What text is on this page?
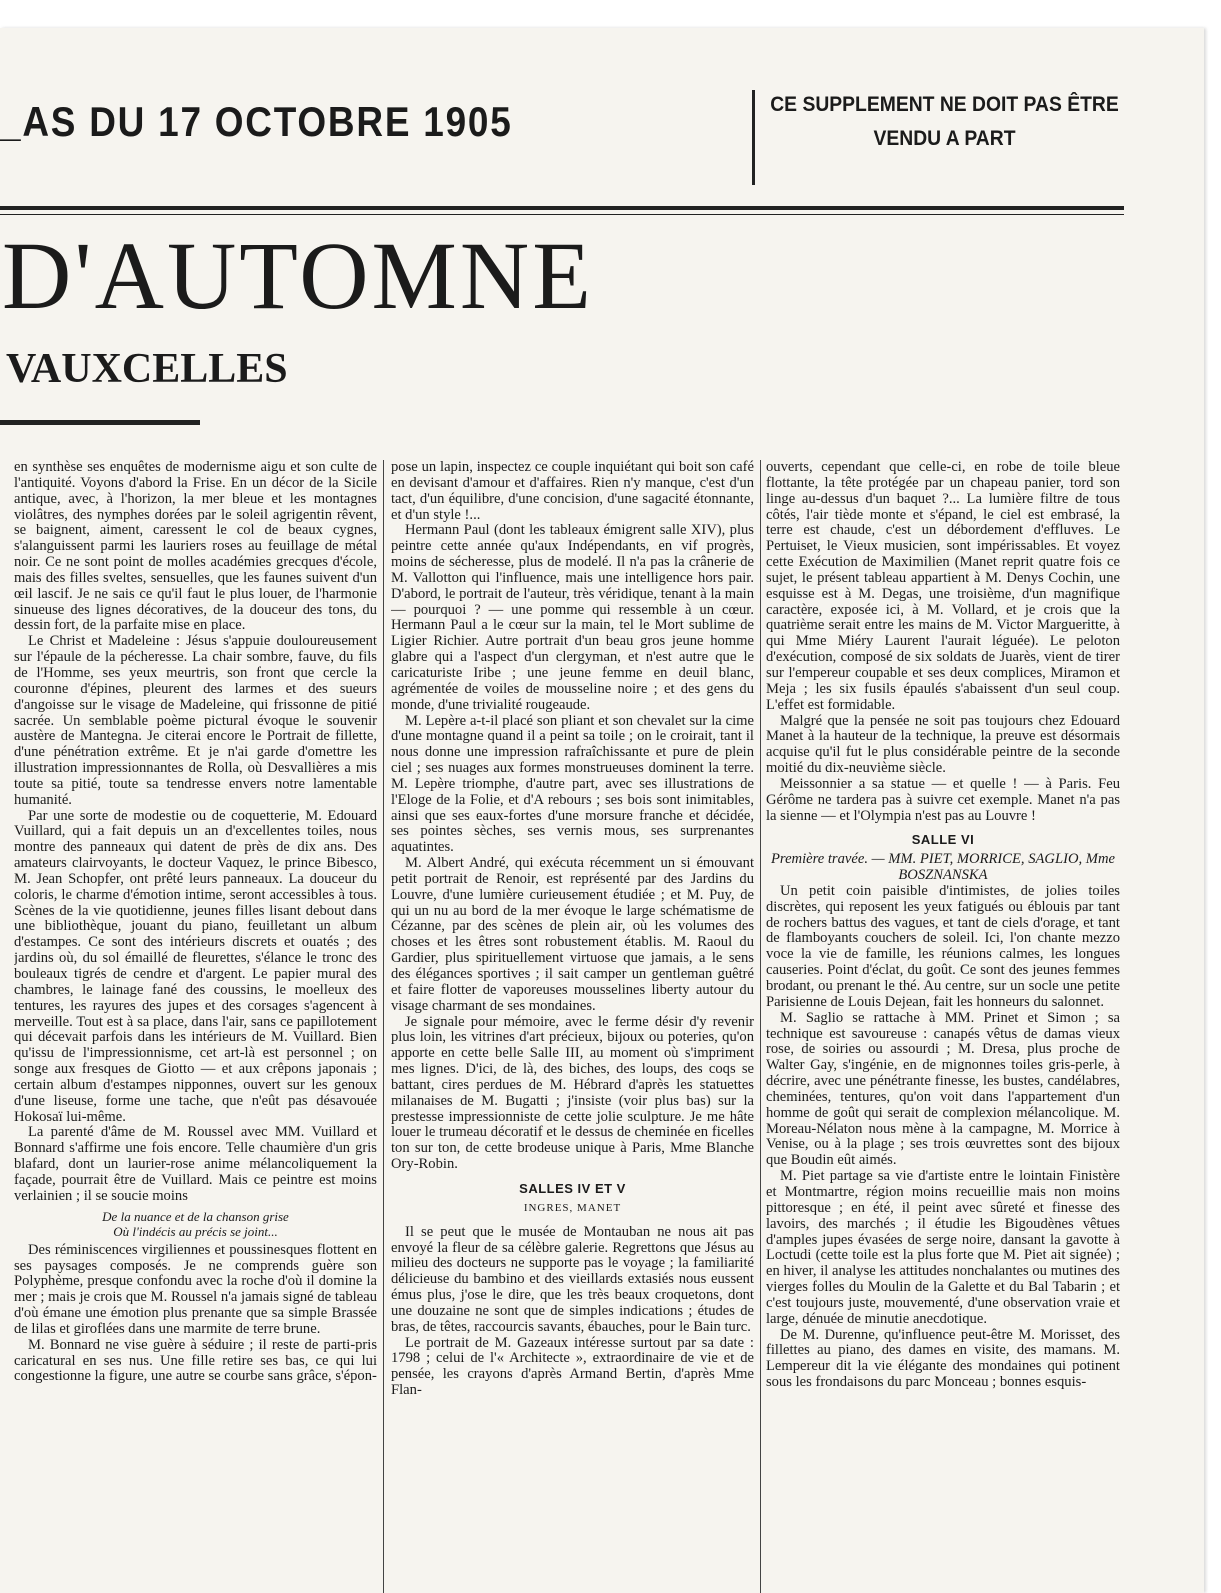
_AS DU 17 OCTOBRE 1905	CE SUPPLEMENT NE DOIT PAS ÊTRE
VENDU A PART
D'AUTOMNE
VAUXCELLES

en synthèse ses enquêtes de modernisme aigu et son culte de l'antiquité. Voyons d'abord la Frise. En un décor de la Sicile antique, avec, à l'horizon, la mer bleue et les montagnes violâtres, des nymphes dorées par le soleil agrigentin rêvent, se baignent, aiment, caressent le col de beaux cygnes, s'alanguissent parmi les lauriers roses au feuillage de métal noir. Ce ne sont point de molles académies grecques d'école, mais des filles sveltes, sensuelles, que les faunes suivent d'un œil lascif. Je ne sais ce qu'il faut le plus louer, de l'harmonie sinueuse des lignes décoratives, de la douceur des tons, du dessin fort, de la parfaite mise en place.

Le Christ et Madeleine : Jésus s'appuie douloureusement sur l'épaule de la pécheresse. La chair sombre, fauve, du fils de l'Homme, ses yeux meurtris, son front que cercle la couronne d'épines, pleurent des larmes et des sueurs d'angoisse sur le visage de Madeleine, qui frissonne de pitié sacrée. Un semblable poème pictural évoque le souvenir austère de Mantegna. Je citerai encore le Portrait de fillette, d'une pénétration extrême. Et je n'ai garde d'omettre les illustration impressionnantes de Rolla, où Desvallières a mis toute sa pitié, toute sa tendresse envers notre lamentable humanité.

Par une sorte de modestie ou de coquetterie, M. Edouard Vuillard, qui a fait depuis un an d'excellentes toiles, nous montre des panneaux qui datent de près de dix ans. Des amateurs clairvoyants, le docteur Vaquez, le prince Bibesco, M. Jean Schopfer, ont prêté leurs panneaux. La douceur du coloris, le charme d'émotion intime, seront accessibles à tous. Scènes de la vie quotidienne, jeunes filles lisant debout dans une bibliothèque, jouant du piano, feuilletant un album d'estampes. Ce sont des intérieurs discrets et ouatés ; des jardins où, du sol émaillé de fleurettes, s'élance le tronc des bouleaux tigrés de cendre et d'argent. Le papier mural des chambres, le lainage fané des coussins, le moelleux des tentures, les rayures des jupes et des corsages s'agencent à merveille. Tout est à sa place, dans l'air, sans ce papillotement qui décevait parfois dans les intérieurs de M. Vuillard. Bien qu'issu de l'impressionnisme, cet art-là est personnel ; on songe aux fresques de Giotto — et aux crêpons japonais ; certain album d'estampes nipponnes, ouvert sur les genoux d'une liseuse, forme une tache, que n'eût pas désavouée Hokosaï lui-même.

La parenté d'âme de M. Roussel avec MM. Vuillard et Bonnard s'affirme une fois encore. Telle chaumière d'un gris blafard, dont un laurier-rose anime mélancoliquement la façade, pourrait être de Vuillard. Mais ce peintre est moins verlainien ; il se soucie moins

De la nuance et de la chanson grise
Où l'indécis au précis se joint...

Des réminiscences virgiliennes et poussinesques flottent en ses paysages composés. Je ne comprends guère son Polyphème, presque confondu avec la roche d'où il domine la mer ; mais je crois que M. Roussel n'a jamais signé de tableau d'où émane une émotion plus prenante que sa simple Brassée de lilas et giroflées dans une marmite de terre brune.

M. Bonnard ne vise guère à séduire ; il reste de parti-pris caricatural en ses nus. Une fille retire ses bas, ce qui lui congestionne la figure, une autre se courbe sans grâce, s'épon-

pose un lapin, inspectez ce couple inquiétant qui boit son café en devisant d'amour et d'affaires. Rien n'y manque, c'est d'un tact, d'un équilibre, d'une concision, d'une sagacité étonnante, et d'un style !...

Hermann Paul (dont les tableaux émigrent salle XIV), plus peintre cette année qu'aux Indépendants, en vif progrès, moins de sécheresse, plus de modelé. Il n'a pas la crânerie de M. Vallotton qui l'influence, mais une intelligence hors pair. D'abord, le portrait de l'auteur, très véridique, tenant à la main — pourquoi ? — une pomme qui ressemble à un cœur. Hermann Paul a le cœur sur la main, tel le Mort sublime de Ligier Richier. Autre portrait d'un beau gros jeune homme glabre qui a l'aspect d'un clergyman, et n'est autre que le caricaturiste Iribe ; une jeune femme en deuil blanc, agrémentée de voiles de mousseline noire ; et des gens du monde, d'une trivialité rougeaude.

M. Lepère a-t-il placé son pliant et son chevalet sur la cime d'une montagne quand il a peint sa toile ; on le croirait, tant il nous donne une impression rafraîchissante et pure de plein ciel ; ses nuages aux formes monstrueuses dominent la terre. M. Lepère triomphe, d'autre part, avec ses illustrations de l'Eloge de la Folie, et d'A rebours ; ses bois sont inimitables, ainsi que ses eaux-fortes d'une morsure franche et décidée, ses pointes sèches, ses vernis mous, ses surprenantes aquatintes.

M. Albert André, qui exécuta récemment un si émouvant petit portrait de Renoir, est représenté par des Jardins du Louvre, d'une lumière curieusement étudiée ; et M. Puy, de qui un nu au bord de la mer évoque le large schématisme de Cézanne, par des scènes de plein air, où les volumes des choses et les êtres sont robustement établis. M. Raoul du Gardier, plus spirituellement virtuose que jamais, a le sens des élégances sportives ; il sait camper un gentleman guêtré et faire flotter de vaporeuses mousselines liberty autour du visage charmant de ses mondaines.

Je signale pour mémoire, avec le ferme désir d'y revenir plus loin, les vitrines d'art précieux, bijoux ou poteries, qu'on apporte en cette belle Salle III, au moment où s'impriment mes lignes. D'ici, de là, des biches, des loups, des coqs se battant, cires perdues de M. Hébrard d'après les statuettes milanaises de M. Bugatti ; j'insiste (voir plus bas) sur la prestesse impressionniste de cette jolie sculpture. Je me hâte louer le trumeau décoratif et le dessus de cheminée en ficelles ton sur ton, de cette brodeuse unique à Paris, Mme Blanche Ory-Robin.

SALLES IV ET V
INGRES, MANET

Il se peut que le musée de Montauban ne nous ait pas envoyé la fleur de sa célèbre galerie. Regrettons que Jésus au milieu des docteurs ne supporte pas le voyage ; la familiarité délicieuse du bambino et des vieillards extasiés nous eussent émus plus, j'ose le dire, que les très beaux croquetons, dont une douzaine ne sont que de simples indications ; études de bras, de têtes, raccourcis savants, ébauches, pour le Bain turc.

Le portrait de M. Gazeaux intéresse surtout par sa date : 1798 ; celui de l'« Architecte », extraordinaire de vie et de pensée, les crayons d'après Armand Bertin, d'après Mme Flan-

ouverts, cependant que celle-ci, en robe de toile bleue flottante, la tête protégée par un chapeau panier, tord son linge au-dessus d'un baquet ?... La lumière filtre de tous côtés, l'air tiède monte et s'épand, le ciel est embrasé, la terre est chaude, c'est un débordement d'effluves. Le Pertuiset, le Vieux musicien, sont impérissables. Et voyez cette Exécution de Maximilien (Manet reprit quatre fois ce sujet, le présent tableau appartient à M. Denys Cochin, une esquisse est à M. Degas, une troisième, d'un magnifique caractère, exposée ici, à M. Vollard, et je crois que la quatrième serait entre les mains de M. Victor Margueritte, à qui Mme Miéry Laurent l'aurait léguée). Le peloton d'exécution, composé de six soldats de Juarès, vient de tirer sur l'empereur coupable et ses deux complices, Miramon et Meja ; les six fusils épaulés s'abaissent d'un seul coup. L'effet est formidable.

Malgré que la pensée ne soit pas toujours chez Edouard Manet à la hauteur de la technique, la preuve est désormais acquise qu'il fut le plus considérable peintre de la seconde moitié du dix-neuvième siècle.

Meissonnier a sa statue — et quelle ! — à Paris. Feu Gérôme ne tardera pas à suivre cet exemple. Manet n'a pas la sienne — et l'Olympia n'est pas au Louvre !

SALLE VI

Première travée. — MM. PIET, MORRICE, SAGLIO, Mme BOSZNANSKA

Un petit coin paisible d'intimistes, de jolies toiles discrètes, qui reposent les yeux fatigués ou éblouis par tant de rochers battus des vagues, et tant de ciels d'orage, et tant de flamboyants couchers de soleil. Ici, l'on chante mezzo voce la vie de famille, les réunions calmes, les longues causeries. Point d'éclat, du goût. Ce sont des jeunes femmes brodant, ou prenant le thé. Au centre, sur un socle une petite Parisienne de Louis Dejean, fait les honneurs du salonnet.

M. Saglio se rattache à MM. Prinet et Simon ; sa technique est savoureuse : canapés vêtus de damas vieux rose, de soiries ou assourdi ; M. Dresa, plus proche de Walter Gay, s'ingénie, en de mignonnes toiles gris-perle, à décrire, avec une pénétrante finesse, les bustes, candélabres, cheminées, tentures, qu'on voit dans l'appartement d'un homme de goût qui serait de complexion mélancolique. M. Moreau-Nélaton nous mène à la campagne, M. Morrice à Venise, ou à la plage ; ses trois œuvrettes sont des bijoux que Boudin eût aimés.

M. Piet partage sa vie d'artiste entre le lointain Finistère et Montmartre, région moins recueillie mais non moins pittoresque ; en été, il peint avec sûreté et finesse des lavoirs, des marchés ; il étudie les Bigoudènes vêtues d'amples jupes évasées de serge noire, dansant la gavotte à Loctudi (cette toile est la plus forte que M. Piet ait signée) ; en hiver, il analyse les attitudes nonchalantes ou mutines des vierges folles du Moulin de la Galette et du Bal Tabarin ; et c'est toujours juste, mouvementé, d'une observation vraie et large, dénuée de minutie anecdotique.

De M. Durenne, qu'influence peut-être M. Morisset, des fillettes au piano, des dames en visite, des mamans. M. Lempereur dit la vie élégante des mondaines qui potinent sous les frondaisons du parc Monceau ; bonnes esquis-
